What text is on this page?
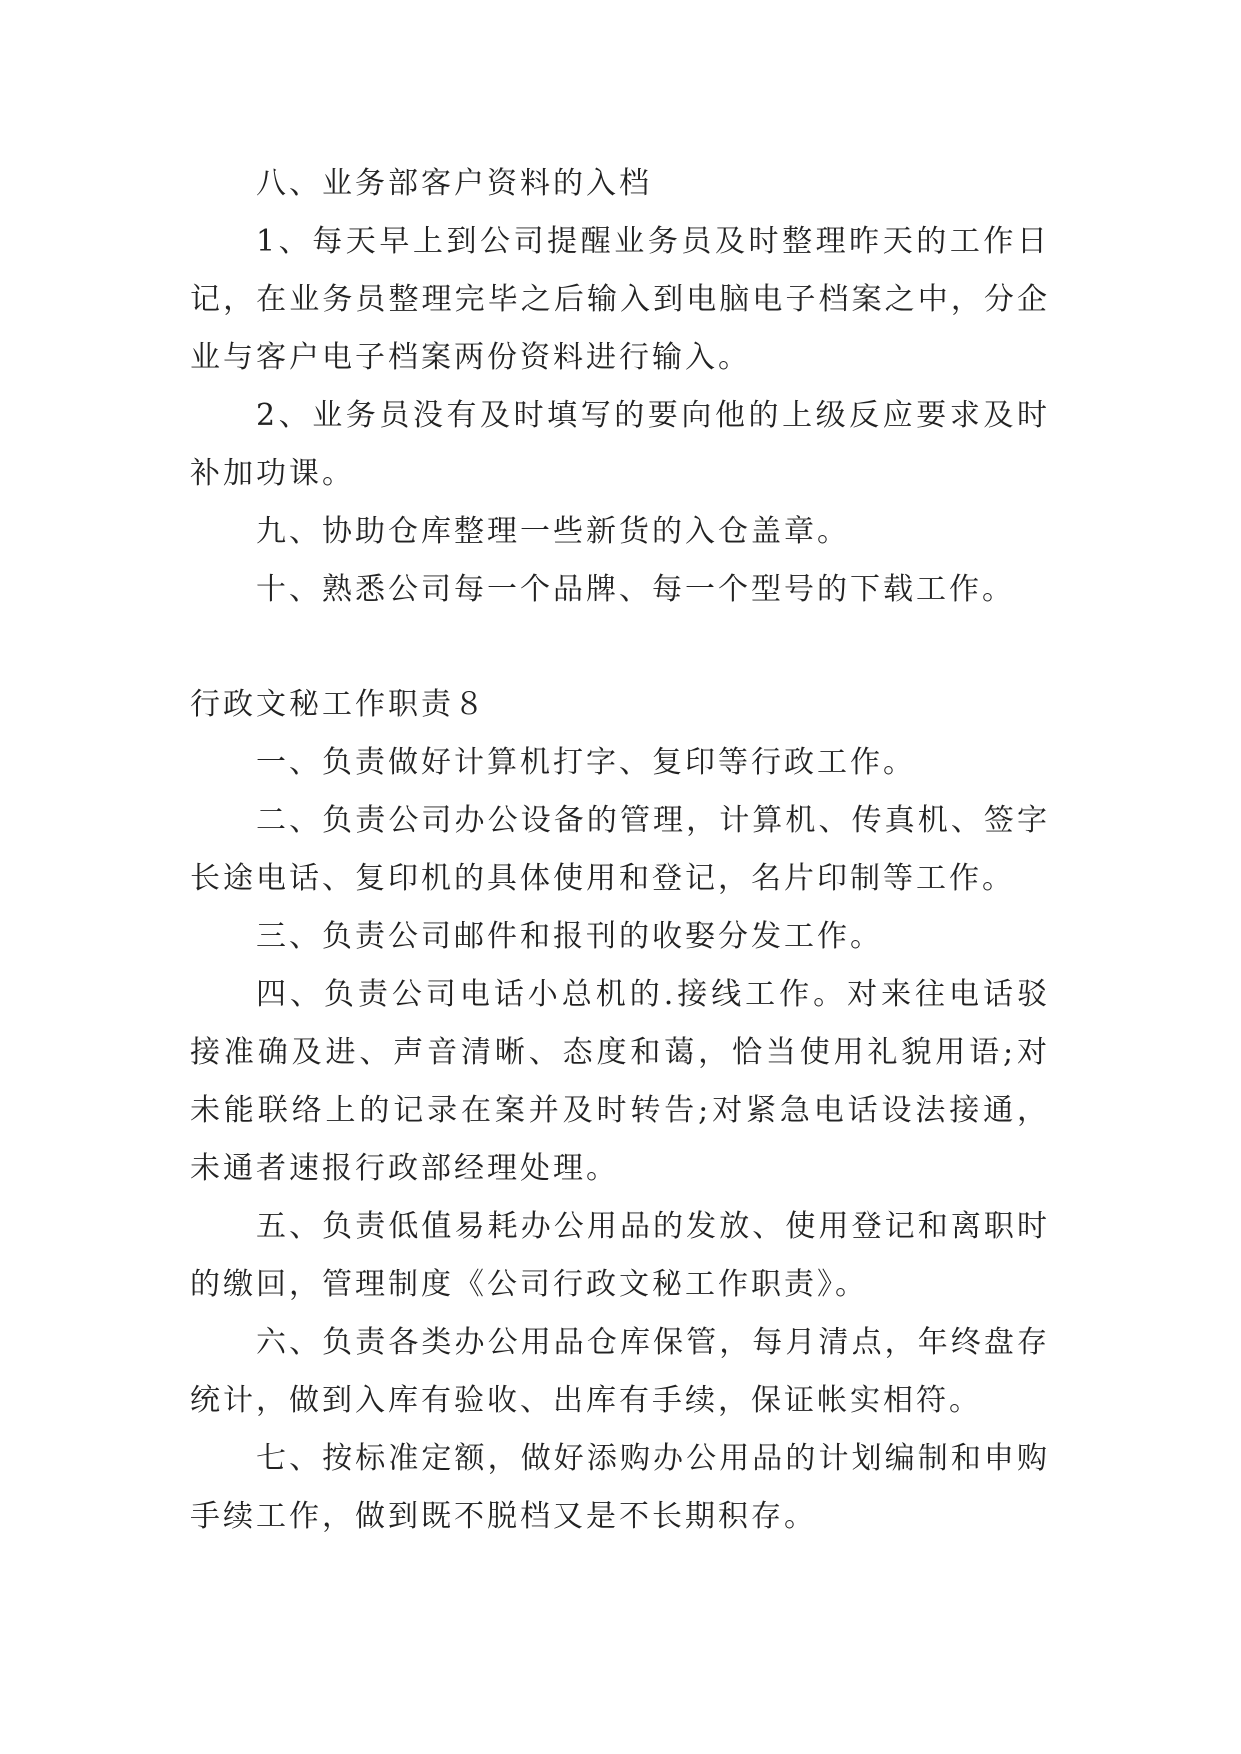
八、业务部客户资料的入档

1、每天早上到公司提醒业务员及时整理昨天的工作日记，在业务员整理完毕之后输入到电脑电子档案之中，分企业与客户电子档案两份资料进行输入。

2、业务员没有及时填写的要向他的上级反应要求及时补加功课。

九、协助仓库整理一些新货的入仓盖章。

十、熟悉公司每一个品牌、每一个型号的下载工作。

行政文秘工作职责８

一、负责做好计算机打字、复印等行政工作。

二、负责公司办公设备的管理，计算机、传真机、签字长途电话、复印机的具体使用和登记，名片印制等工作。

三、负责公司邮件和报刊的收娶分发工作。

四、负责公司电话小总机的.接线工作。对来往电话驳接准确及进、声音清晰、态度和蔼，恰当使用礼貌用语;对未能联络上的记录在案并及时转告;对紧急电话设法接通，未通者速报行政部经理处理。

五、负责低值易耗办公用品的发放、使用登记和离职时的缴回，管理制度《公司行政文秘工作职责》。

六、负责各类办公用品仓库保管，每月清点，年终盘存统计，做到入库有验收、出库有手续，保证帐实相符。

七、按标准定额，做好添购办公用品的计划编制和申购手续工作，做到既不脱档又是不长期积存。
